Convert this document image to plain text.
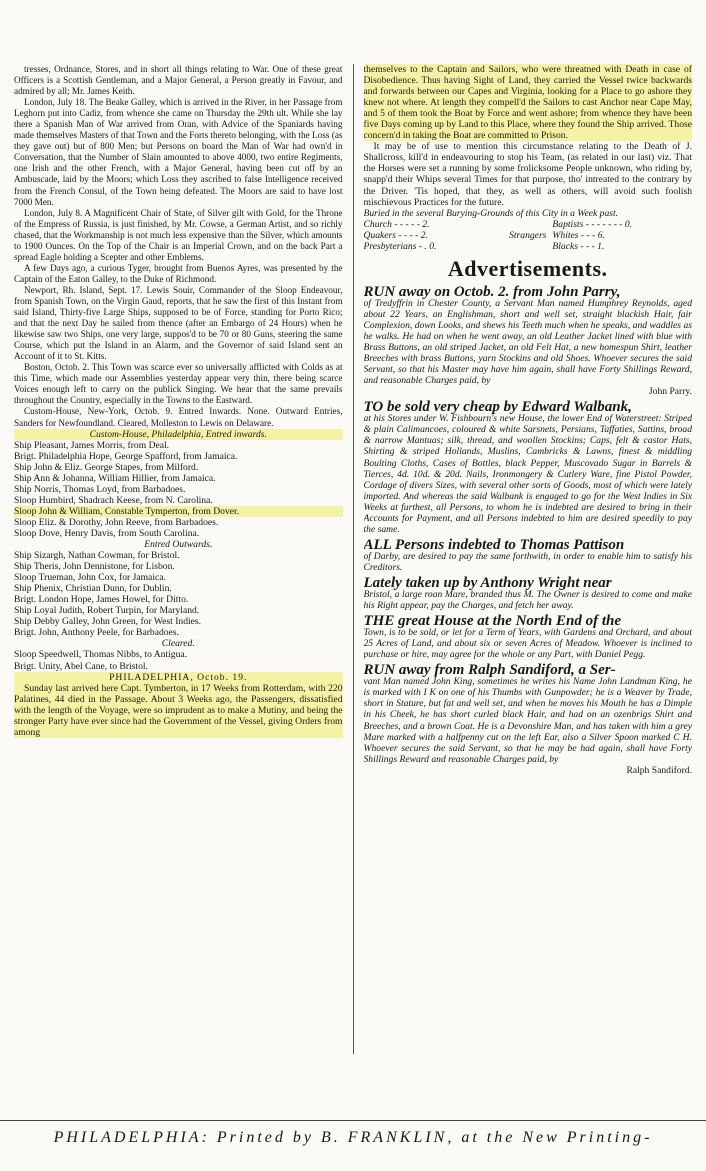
tresses, Ordnance, Stores, and in short all things relating to War. One of these great Officers is a Scottish Gentleman, and a Major General, a Person greatly in Favour, and admired by all; Mr. James Keith.

London, July 18. The Beake Galley, which is arrived in the River, in her Passage from Leghorn put into Cadiz, from whence she came on Thursday the 29th ult. While she lay there a Spanish Man of War arrived from Oran, with Advice of the Spaniards having made themselves Masters of that Town and the Forts thereto belonging, with the Loss (as they gave out) but of 800 Men; but Persons on board the Man of War had own'd in Conversation, that the Number of Slain amounted to above 4000, two entire Regiments, one Irish and the other French, with a Major General, having been cut off by an Ambuscade, laid by the Moors; which Loss they ascribed to false Intelligence received from the French Consul, of the Town being defeated. The Moors are said to have lost 7000 Men.

London, July 8. A Magnificent Chair of State, of Silver gilt with Gold, for the Throne of the Empress of Russia, is just finished, by Mr. Cowse, a German Artist, and so richly chased, that the Workmanship is not much less expensive than the Silver, which amounts to 1900 Ounces. On the Top of the Chair is an Imperial Crown, and on the back Part a spread Eagle holding a Scepter and other Emblems.

A few Days ago, a curious Tyger, brought from Buenos Ayres, was presented by the Captain of the Eaton Galley, to the Duke of Richmond.

Newport, Rh. Island, Sept. 17. Lewis Souir, Commander of the Sloop Endeavour, from Spanish Town, on the Virgin Gaud, reports, that he saw the first of this Instant from said Island, Thirty-five Large Ships, supposed to be of Force, standing for Porto Rico; and that the next Day he sailed from thence (after an Embargo of 24 Hours) when he likewise saw two Ships, one very large, suppos'd to be 70 or 80 Guns, steering the same Course, which put the Island in an Alarm, and the Governor of said Island sent an Account of it to St. Kitts.

Boston, Octob. 2. This Town was scarce ever so universally afflicted with Colds as at this Time, which made our Assemblies yesterday appear very thin, there being scarce Voices enough left to carry on the publick Singing. We hear that the same prevails throughout the Country, especially in the Towns to the Eastward.

Custom-House, New-York, Octob. 9. Entred Inwards. None. Outward Entries, Sanders for Newfoundland. Cleared, Molleston to Lewis on Delaware.

Custom-House, Philadelphia, Entred inwards.

Ship Pleasant, James Morris, from Deal.

Brigt. Philadelphia Hope, George Spafford, from Jamaica.

Ship John & Eliz. George Stapes, from Milford.

Ship Ann & Johanna, William Hillier, from Jamaica.

Ship Norris, Thomas Loyd, from Barbadoes.

Sloop Humbird, Shadrach Keese, from N. Carolina.

Sloop John & William, Constable Tymperton, from Dover.

Sloop Eliz. & Dorothy, John Reeve, from Barbadoes.

Sloop Dove, Henry Davis, from South Carolina.

Entred Outwards.

Ship Sizargh, Nathan Cowman, for Bristol.

Ship Theris, John Dennistone, for Lisbon.

Sloop Trueman, John Cox, for Jamaica.

Ship Phenix, Christian Dunn, for Dublin.

Brigt. London Hope, James Howel, for Ditto.

Ship Loyal Judith, Robert Turpin, for Maryland.

Ship Debby Galley, John Green, for West Indies.

Brigt. John, Anthony Peele, for Barbadoes.

Cleared.

Sloop Speedwell, Thomas Nibbs, to Antigua.

Brigt. Unity, Abel Cane, to Bristol.

PHILADELPHIA, Octob. 19.

Sunday last arrived here Capt. Tymberton, in 17 Weeks from Rotterdam, with 220 Palatines, 44 died in the Passage. About 3 Weeks ago, the Passengers, dissatisfied with the length of the Voyage, were so imprudent as to make a Mutiny, and being the stronger Party have ever since had the Government of the Vessel, giving Orders from among

themselves to the Captain and Sailors, who were threatned with Death in case of Disobedience. Thus having Sight of Land, they carried the Vessel twice backwards and forwards between our Capes and Virginia, looking for a Place to go ashore they knew not where. At length they compell'd the Sailors to cast Anchor near Cape May, and 5 of them took the Boat by Force and went ashore; from whence they have been five Days coming up by Land to this Place, where they found the Ship arrived. Those concern'd in taking the Boat are committed to Prison.

It may be of use to mention this circumstance relating to the Death of J. Shallcross, kill'd in endeavouring to stop his Team, (as related in our last) viz. That the Horses were set a running by some frolicksome People unknown, who riding by, snapp'd their Whips several Times for that purpose, tho' intreated to the contrary by the Driver. 'Tis hoped, that they, as well as others, will avoid such foolish mischievous Practices for the future.

Buried in the several Burying-Grounds of this City in a Week past.

Church - - - - - 2.
Quakers - - - - 2.
Presbyterians - . 0.
Strangers
Baptists - - - - - - - 0.
Whites - - - 6.
Blacks - - - 1.
Advertisements.
RUN away on Octob. 2. from John Parry,

of Tredyffrin in Chester County, a Servant Man named Humphrey Reynolds, aged about 22 Years, an Englishman, short and well set, straight blackish Hair, fair Complexion, down Looks, and shews his Teeth much when he speaks, and waddles as he walks. He had on when he went away, an old Leather Jacket lined with blue with Brass Buttons, an old striped Jacket, an old Felt Hat, a new homespun Shirt, leather Breeches with brass Buttons, yarn Stockins and old Shoes. Whoever secures the said Servant, so that his Master may have him again, shall have Forty Shillings Reward, and reasonable Charges paid, by

John Parry.

TO be sold very cheap by Edward Walbank,

at his Stores under W. Fishbourn's new House, the lower End of Waterstreet: Striped & plain Calimancoes, coloured & white Sarsnets, Persians, Taffaties, Sattins, broad & narrow Mantuas; silk, thread, and woollen Stockins; Caps, felt & castor Hats, Shirting & striped Hollands, Muslins, Cambricks & Lawns, finest & middling Boulting Cloths, Cases of Bottles, black Pepper, Muscovado Sugar in Barrels & Tierces, 4d. 10d. & 20d. Nails, Ironmongery & Cutlery Ware, fine Pistol Powder, Cordage of divers Sizes, with several other sorts of Goods, most of which were lately imported. And whereas the said Walbank is engaged to go for the West Indies in Six Weeks at furthest, all Persons, to whom he is indebted are desired to bring in their Accounts for Payment, and all Persons indebted to him are desired speedily to pay the same.

ALL Persons indebted to Thomas Pattison

of Darby, are desired to pay the same forthwith, in order to enable him to satisfy his Creditors.

Lately taken up by Anthony Wright near

Bristol, a large roan Mare, branded thus M. The Owner is desired to come and make his Right appear, pay the Charges, and fetch her away.

THE great House at the North End of the

Town, is to be sold, or let for a Term of Years, with Gardens and Orchard, and about 25 Acres of Land, and about six or seven Acres of Meadow. Whoever is inclined to purchase or hire, may agree for the whole or any Part, with Daniel Pegg.

RUN away from Ralph Sandiford, a Ser-

vant Man named John King, sometimes he writes his Name John Landman King, he is marked with I K on one of his Thumbs with Gunpowder; he is a Weaver by Trade, short in Stature, but fat and well set, and when he moves his Mouth he has a Dimple in his Cheek, he has short curled black Hair, and had on an ozenbrigs Shirt and Breeches, and a brown Coat. He is a Devonshire Man, and has taken with him a grey Mare marked with a halfpenny cut on the left Ear, also a Silver Spoon marked C H. Whoever secures the said Servant, so that he may be had again, shall have Forty Shillings Reward and reasonable Charges paid, by

Ralph Sandiford.

PHILADELPHIA: Printed by B. FRANKLIN, at the New Printing-
